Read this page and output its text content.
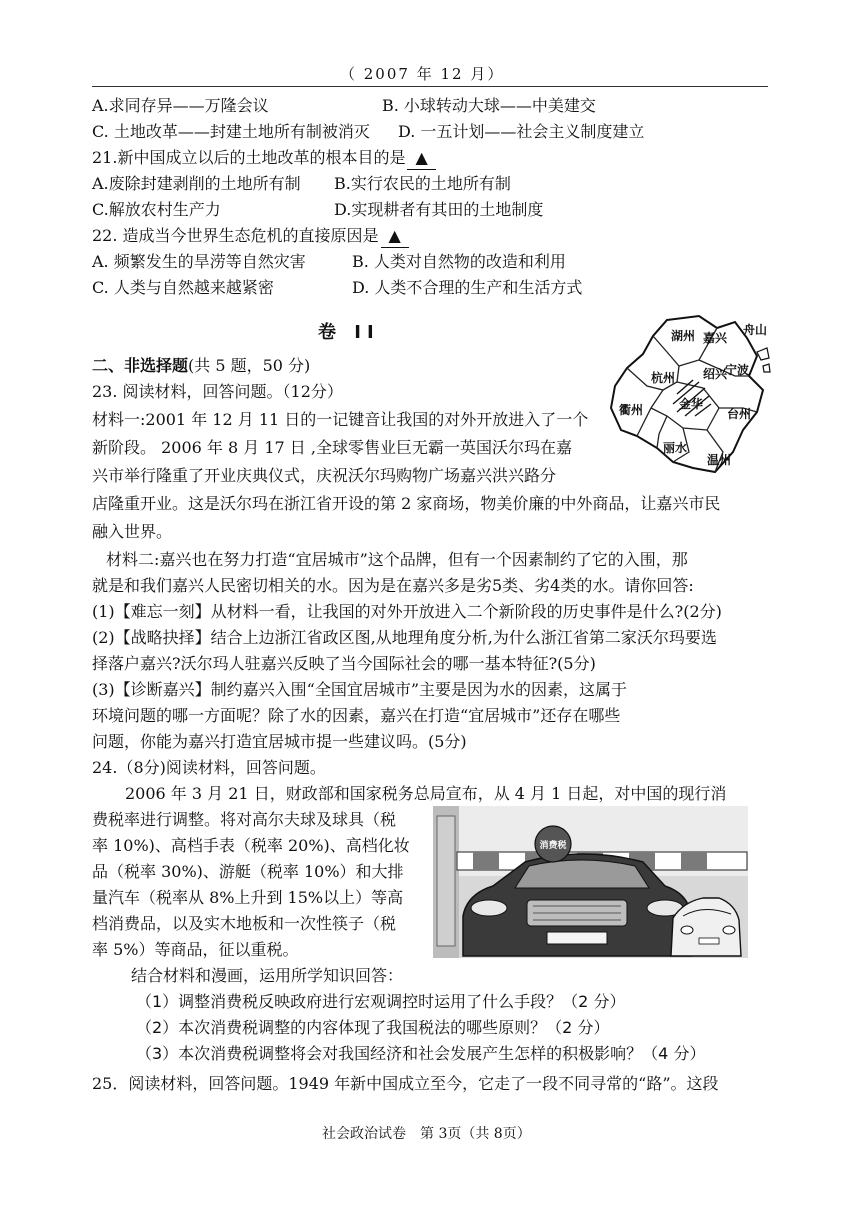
（ 2007 年 12 月）
A.求同存异——万隆会议	B. 小球转动大球——中美建交
C. 土地改革——封建土地所有制被消灭 D. 一五计划——社会主义制度建立
21.新中国成立以后的土地改革的根本目的是 ▲
A.废除封建剥削的土地所有制 B.实行农民的土地所有制
C.解放农村生产力	D.实现耕者有其田的土地制度
22. 造成当今世界生态危机的直接原因是 ▲
A. 频繁发生的旱涝等自然灾害	B. 人类对自然物的改造和利用
C. 人类与自然越来越紧密	D. 人类不合理的生产和生活方式
卷 II	湖州 嘉兴
舟山
杭州 绍兴
宁波
衢州	金华
台州
丽水
温州
二、非选择题(共 5 题，50 分)
23. 阅读材料，回答问题。（12分）
材料一:2001 年 12 月 11 日的一记键音让我国的对外开放进入了一个
新阶段。 2006 年 8 月 17 日 ,全球零售业巨无霸一英国沃尔玛在嘉
兴市举行隆重了开业庆典仪式，庆祝沃尔玛购物广场嘉兴洪兴路分
店隆重开业。这是沃尔玛在浙江省开设的第 2 家商场，物美价廉的中外商品，让嘉兴市民
融入世界。
材料二:嘉兴也在努力打造“宜居城市”这个品牌，但有一个因素制约了它的入围，那
就是和我们嘉兴人民密切相关的水。因为是在嘉兴多是劣5类、劣4类的水。请你回答:
(1)【难忘一刻】从材料一看，让我国的对外开放进入二个新阶段的历史事件是什么?(2分)
(2)【战略抉择】结合上边浙江省政区图,从地理角度分析,为什么浙江省第二家沃尔玛要选
择落户嘉兴?沃尔玛人驻嘉兴反映了当今国际社会的哪一基本特征?(5分)
(3)【诊断嘉兴】制约嘉兴入围“全国宜居城市”主要是因为水的因素，这属于
环境问题的哪一方面呢？除了水的因素，嘉兴在打造“宜居城市”还存在哪些
问题，你能为嘉兴打造宜居城市提一些建议吗。(5分)
24.（8分)阅读材料，回答问题。
2006 年 3 月 21 日，财政部和国家税务总局宣布，从 4 月 1 日起，对中国的现行消
费税率进行调整。将对高尔夫球及球具（税
率 10%)、高档手表（税率 20%)、高档化妆
品（税率 30%)、游艇（税率 10%）和大排
量汽车（税率从 8%上升到 15%以上）等高
档消费品，以及实木地板和一次性筷子（税
率 5%）等商品，征以重税。
消费税
结合材料和漫画，运用所学知识回答：
（1）调整消费税反映政府进行宏观调控时运用了什么手段？（2 分）
（2）本次消费税调整的内容体现了我国税法的哪些原则？（2 分）
（3）本次消费税调整将会对我国经济和社会发展产生怎样的积极影响？（4 分）
25．阅读材料，回答问题。1949 年新中国成立至今，它走了一段不同寻常的“路”。这段
社会政治试卷　第 3页（共 8页）
